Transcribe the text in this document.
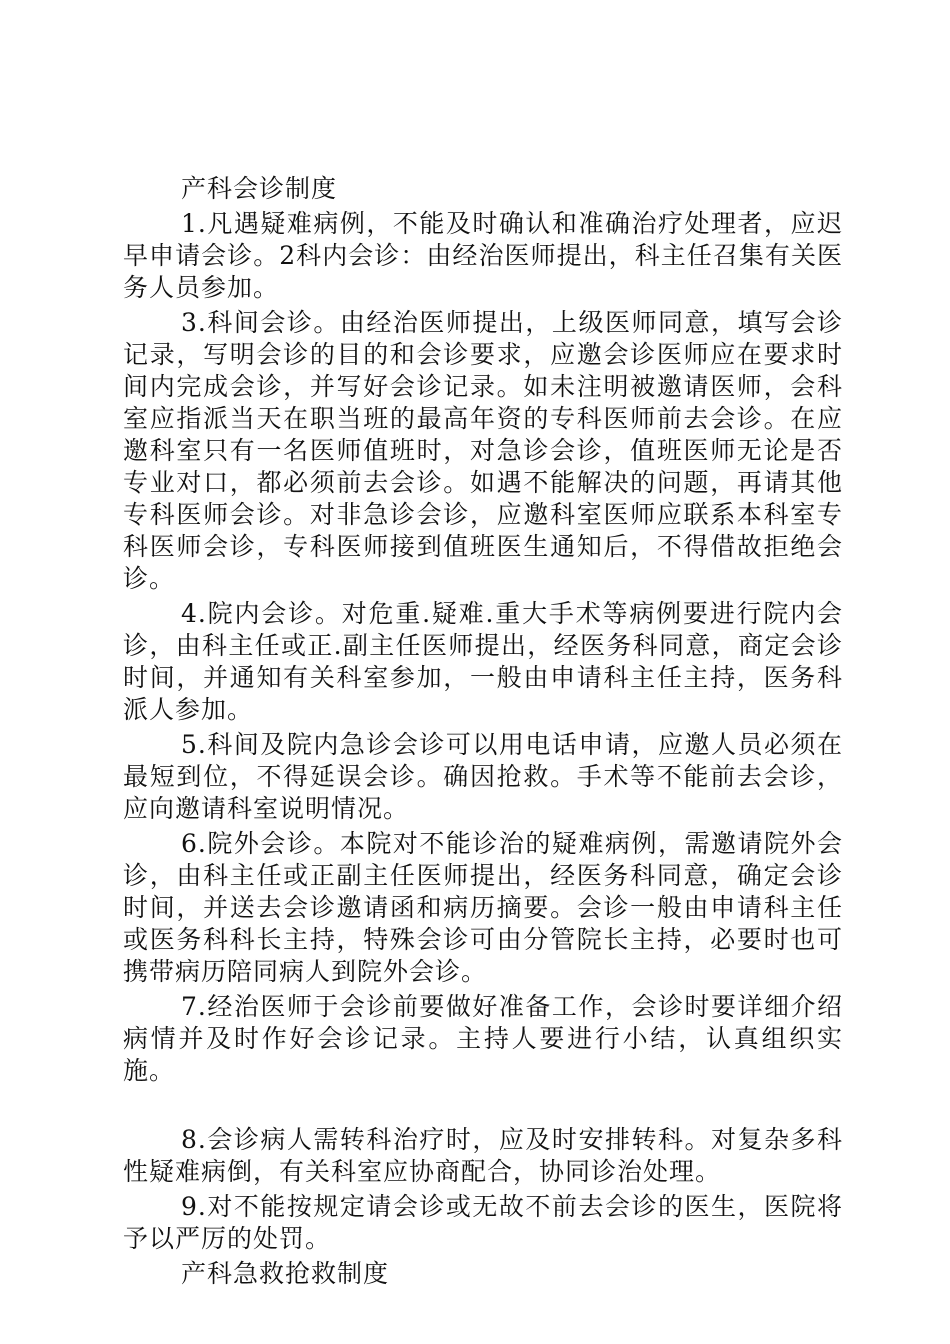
产科会诊制度

1.凡遇疑难病例，不能及时确认和准确治疗处理者，应迟早申请会诊。2科内会诊：由经治医师提出，科主任召集有关医务人员参加。

3.科间会诊。由经治医师提出，上级医师同意，填写会诊记录，写明会诊的目的和会诊要求，应邀会诊医师应在要求时间内完成会诊，并写好会诊记录。如未注明被邀请医师，会科室应指派当天在职当班的最高年资的专科医师前去会诊。在应邀科室只有一名医师值班时，对急诊会诊，值班医师无论是否专业对口，都必须前去会诊。如遇不能解决的问题，再请其他专科医师会诊。对非急诊会诊，应邀科室医师应联系本科室专科医师会诊，专科医师接到值班医生通知后，不得借故拒绝会诊。

4.院内会诊。对危重.疑难.重大手术等病例要进行院内会诊，由科主任或正.副主任医师提出，经医务科同意，商定会诊时间，并通知有关科室参加，一般由申请科主任主持，医务科派人参加。

5.科间及院内急诊会诊可以用电话申请，应邀人员必须在最短到位，不得延误会诊。确因抢救。手术等不能前去会诊，应向邀请科室说明情况。

6.院外会诊。本院对不能诊治的疑难病例，需邀请院外会诊，由科主任或正副主任医师提出，经医务科同意，确定会诊时间，并送去会诊邀请函和病历摘要。会诊一般由申请科主任或医务科科长主持，特殊会诊可由分管院长主持，必要时也可携带病历陪同病人到院外会诊。

7.经治医师于会诊前要做好准备工作，会诊时要详细介绍病情并及时作好会诊记录。主持人要进行小结，认真组织实施。

8.会诊病人需转科治疗时，应及时安排转科。对复杂多科性疑难病倒，有关科室应协商配合，协同诊治处理。

9.对不能按规定请会诊或无故不前去会诊的医生，医院将予以严厉的处罚。

产科急救抢救制度
